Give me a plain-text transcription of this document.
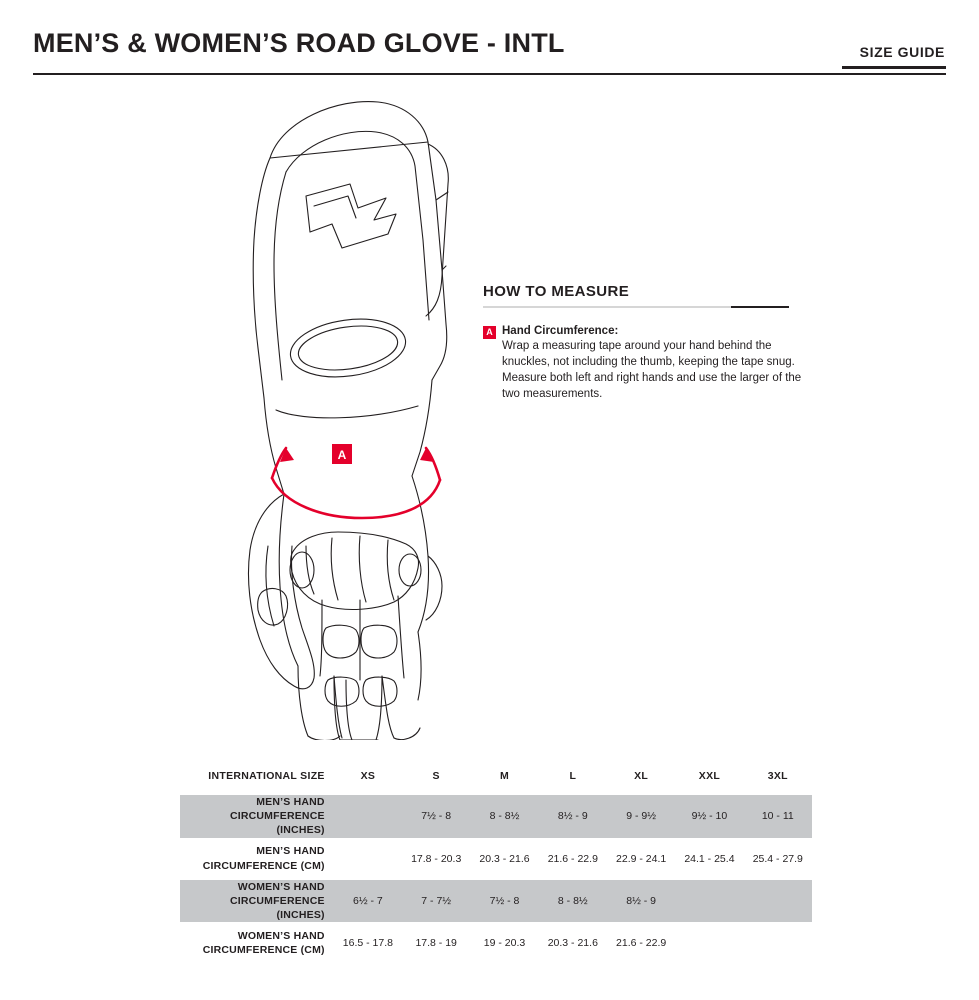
MEN’S & WOMEN’S ROAD GLOVE - INTL	SIZE GUIDE
A
HOW TO MEASURE
A Hand Circumference:
Wrap a measuring tape around your hand behind the knuckles, not including the thumb, keeping the tape snug. Measure both left and right hands and use the larger of the two measurements.
INTERNATIONAL SIZE	XS	S	M	L	XL	XXL	3XL

MEN’S HAND
CIRCUMFERENCE (INCHES)		7½ - 8	8 - 8½	8½ - 9	9 - 9½	9½ - 10	10 - 11

MEN’S HAND
CIRCUMFERENCE (CM)		17.8 - 20.3	20.3 - 21.6	21.6 - 22.9	22.9 - 24.1	24.1 - 25.4	25.4 - 27.9

WOMEN’S HAND
CIRCUMFERENCE (INCHES)	6½ - 7	7 - 7½	7½ - 8	8 - 8½	8½ - 9		

WOMEN’S HAND
CIRCUMFERENCE (CM)	16.5 - 17.8	17.8 - 19	19 - 20.3	20.3 - 21.6	21.6 - 22.9		
